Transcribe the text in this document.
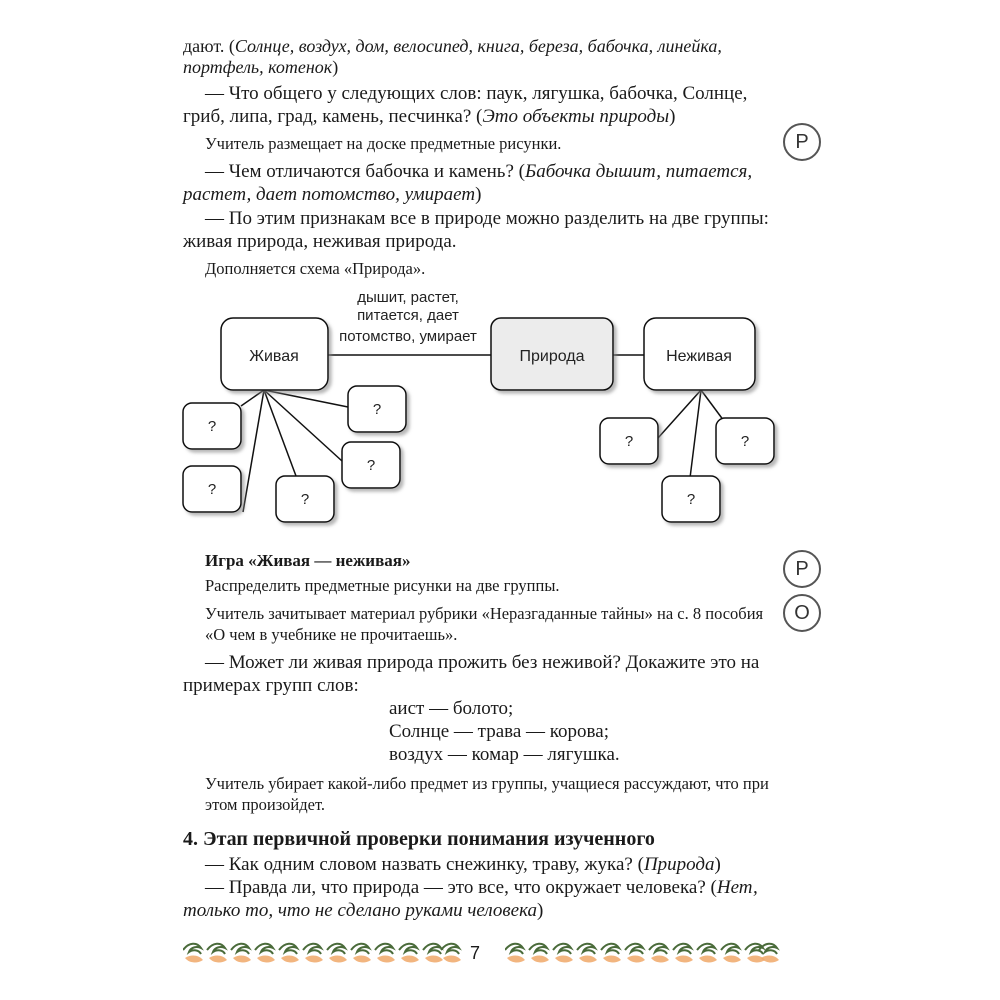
дают. (Солнце, воздух, дом, велосипед, книга, береза, бабочка, линейка, портфель, котенок)
— Что общего у следующих слов: паук, лягушка, бабочка, Солнце, гриб, липа, град, камень, песчинка? (Это объекты природы)
Учитель размещает на доске предметные рисунки.	Р
— Чем отличаются бабочка и камень? (Бабочка дышит, питается, растет, дает потомство, умирает)
— По этим признакам все в природе можно разделить на две группы: живая природа, неживая природа.
Дополняется схема «Природа».
дышит, растет,
питается, дает
потомство, умирает
Живая	Природа	Неживая
?
?
?
?
?
?	?
?
Игра «Живая — неживая»
Распределить предметные рисунки на две группы.
Р
О
Учитель зачитывает материал рубрики «Неразгаданные тайны» на с. 8 пособия «О чем в учебнике не прочитаешь».
— Может ли живая природа прожить без неживой? Докажите это на примерах групп слов:
аист — болото;
Солнце — трава — корова;
воздух — комар — лягушка.
Учитель убирает какой-либо предмет из группы, учащиеся рассуждают, что при этом произойдет.
4. Этап первичной проверки понимания изученного
— Как одним словом назвать снежинку, траву, жука? (Природа)
— Правда ли, что природа — это все, что окружает человека? (Нет, только то, что не сделано руками человека)
7
